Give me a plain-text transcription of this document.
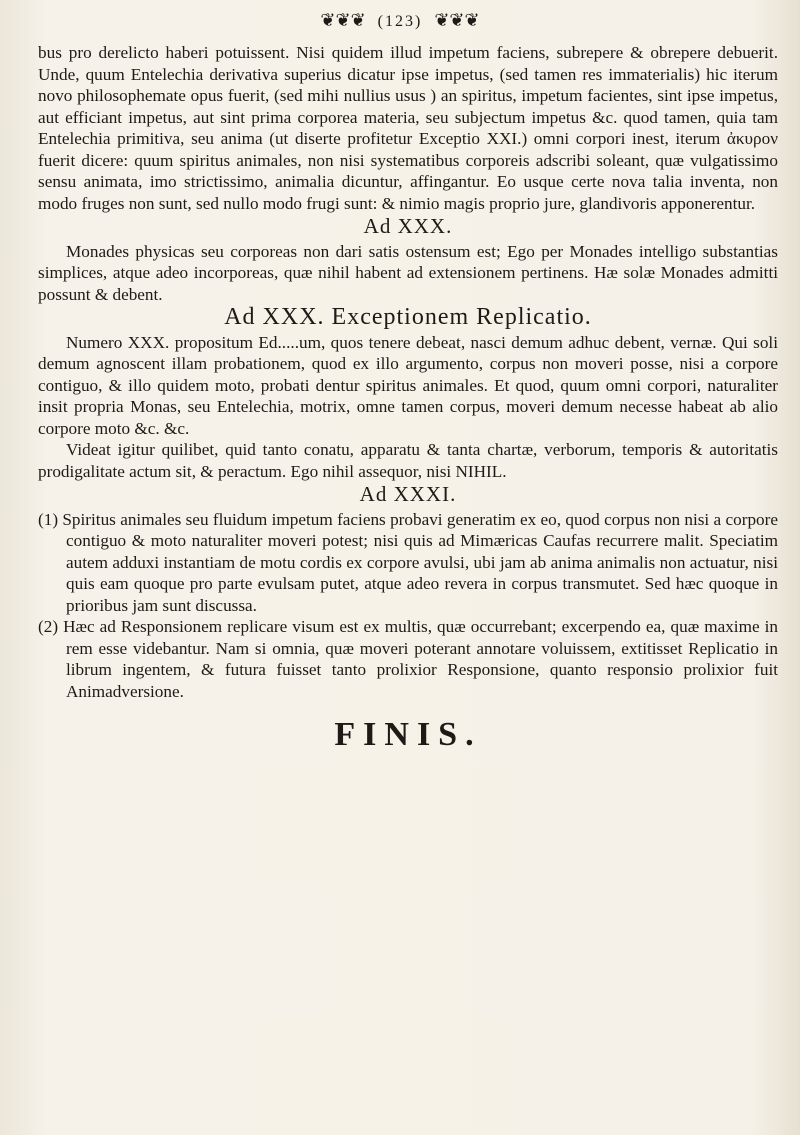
❦❦❦ (123) ❦❦❦

bus pro derelicto haberi potuissent. Nisi quidem illud impetum faciens, subrepere & obrepere debuerit. Unde, quum Entelechia derivativa superius dicatur ipse impetus, (sed tamen res immaterialis) hic iterum novo philosophemate opus fuerit, (sed mihi nullius usus ) an spiritus, impetum facientes, sint ipse impetus, aut efficiant impetus, aut sint prima corporea materia, seu subjectum impetus &c. quod tamen, quia tam Entelechia primitiva, seu anima (ut diserte profitetur Exceptio XXI.) omni corpori inest, iterum ἀκυρον fuerit dicere: quum spiritus animales, non nisi systematibus corporeis adscribi soleant, quæ vulgatissimo sensu animata, imo strictissimo, animalia dicuntur, affingantur. Eo usque certe nova talia inventa, non modo fruges non sunt, sed nullo modo frugi sunt: & nimio magis proprio jure, glandivoris apponerentur.

Ad XXX.

Monades physicas seu corporeas non dari satis ostensum est; Ego per Monades intelligo substantias simplices, atque adeo incorporeas, quæ nihil habent ad extensionem pertinens. Hæ solæ Monades admitti possunt & debent.

Ad XXX. Exceptionem Replicatio.

Numero XXX. propositum Ed.....um, quos tenere debeat, nasci demum adhuc debent, vernæ. Qui soli demum agnoscent illam probationem, quod ex illo argumento, corpus non moveri posse, nisi a corpore contiguo, & illo quidem moto, probati dentur spiritus animales. Et quod, quum omni corpori, naturaliter insit propria Monas, seu Entelechia, motrix, omne tamen corpus, moveri demum necesse habeat ab alio corpore moto &c. &c.

Videat igitur quilibet, quid tanto conatu, apparatu & tanta chartæ, verborum, temporis & autoritatis prodigalitate actum sit, & peractum. Ego nihil assequor, nisi NIHIL.

Ad XXXI.

(1) Spiritus animales seu fluidum impetum faciens probavi generatim ex eo, quod corpus non nisi a corpore contiguo & moto naturaliter moveri potest; nisi quis ad Mimæricas Caufas recurrere malit. Speciatim autem adduxi instantiam de motu cordis ex corpore avulsi, ubi jam ab anima animalis non actuatur, nisi quis eam quoque pro parte evulsam putet, atque adeo revera in corpus transmutet. Sed hæc quoque in prioribus jam sunt discussa.

(2) Hæc ad Responsionem replicare visum est ex multis, quæ occurrebant; excerpendo ea, quæ maxime in rem esse videbantur. Nam si omnia, quæ moveri poterant annotare voluissem, extitisset Replicatio in librum ingentem, & futura fuisset tanto prolixior Responsione, quanto responsio prolixior fuit Animadversione.

FINIS.
